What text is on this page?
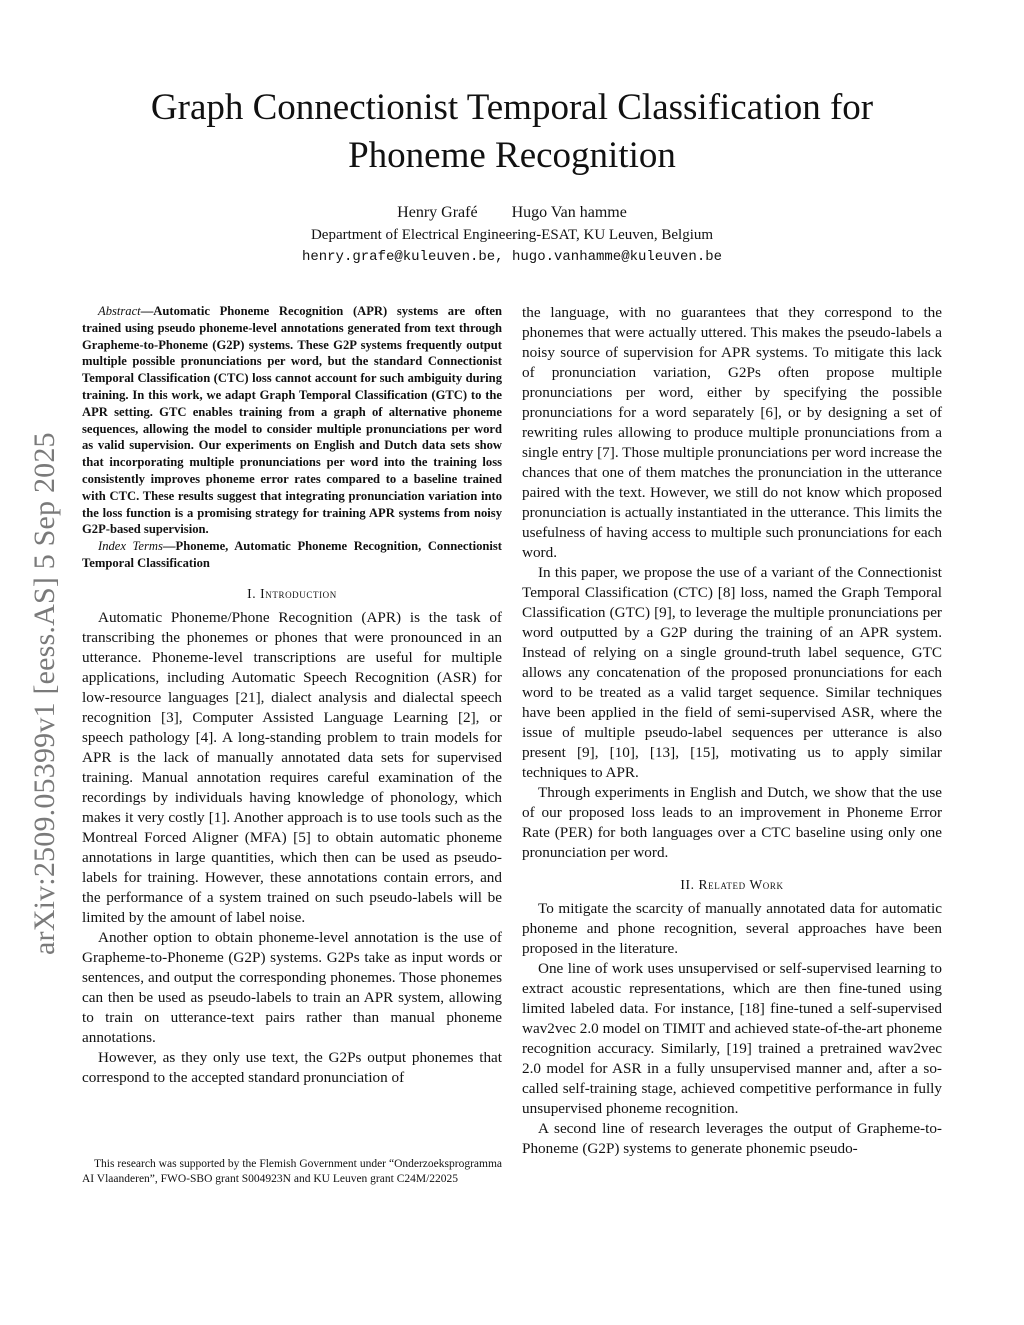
arXiv:2509.05399v1 [eess.AS] 5 Sep 2025
Graph Connectionist Temporal Classification for Phoneme Recognition
Henry Grafé Hugo Van hamme
Department of Electrical Engineering-ESAT, KU Leuven, Belgium
henry.grafe@kuleuven.be, hugo.vanhamme@kuleuven.be

Abstract—Automatic Phoneme Recognition (APR) systems are often trained using pseudo phoneme-level annotations generated from text through Grapheme-to-Phoneme (G2P) systems. These G2P systems frequently output multiple possible pronunciations per word, but the standard Connectionist Temporal Classification (CTC) loss cannot account for such ambiguity during training. In this work, we adapt Graph Temporal Classification (GTC) to the APR setting. GTC enables training from a graph of alternative phoneme sequences, allowing the model to consider multiple pronunciations per word as valid supervision. Our experiments on English and Dutch data sets show that incorporating multiple pronunciations per word into the training loss consistently improves phoneme error rates compared to a baseline trained with CTC. These results suggest that integrating pronunciation variation into the loss function is a promising strategy for training APR systems from noisy G2P-based supervision.

Index Terms—Phoneme, Automatic Phoneme Recognition, Connectionist Temporal Classification

I. Introduction

Automatic Phoneme/Phone Recognition (APR) is the task of transcribing the phonemes or phones that were pronounced in an utterance. Phoneme-level transcriptions are useful for multiple applications, including Automatic Speech Recognition (ASR) for low-resource languages [21], dialect analysis and dialectal speech recognition [3], Computer Assisted Language Learning [2], or speech pathology [4]. A long-standing problem to train models for APR is the lack of manually annotated data sets for supervised training. Manual annotation requires careful examination of the recordings by individuals having knowledge of phonology, which makes it very costly [1]. Another approach is to use tools such as the Montreal Forced Aligner (MFA) [5] to obtain automatic phoneme annotations in large quantities, which then can be used as pseudo-labels for training. However, these annotations contain errors, and the performance of a system trained on such pseudo-labels will be limited by the amount of label noise.

Another option to obtain phoneme-level annotation is the use of Grapheme-to-Phoneme (G2P) systems. G2Ps take as input words or sentences, and output the corresponding phonemes. Those phonemes can then be used as pseudo-labels to train an APR system, allowing to train on utterance-text pairs rather than manual phoneme annotations.

However, as they only use text, the G2Ps output phonemes that correspond to the accepted standard pronunciation of

This research was supported by the Flemish Government under “Onderzoeksprogramma AI Vlaanderen”, FWO-SBO grant S004923N and KU Leuven grant C24M/22025

the language, with no guarantees that they correspond to the phonemes that were actually uttered. This makes the pseudo-labels a noisy source of supervision for APR systems. To mitigate this lack of pronunciation variation, G2Ps often propose multiple pronunciations per word, either by specifying the possible pronunciations for a word separately [6], or by designing a set of rewriting rules allowing to produce multiple pronunciations from a single entry [7]. Those multiple pronunciations per word increase the chances that one of them matches the pronunciation in the utterance paired with the text. However, we still do not know which proposed pronunciation is actually instantiated in the utterance. This limits the usefulness of having access to multiple such pronunciations for each word.

In this paper, we propose the use of a variant of the Connectionist Temporal Classification (CTC) [8] loss, named the Graph Temporal Classification (GTC) [9], to leverage the multiple pronunciations per word outputted by a G2P during the training of an APR system. Instead of relying on a single ground-truth label sequence, GTC allows any concatenation of the proposed pronunciations for each word to be treated as a valid target sequence. Similar techniques have been applied in the field of semi-supervised ASR, where the issue of multiple pseudo-label sequences per utterance is also present [9], [10], [13], [15], motivating us to apply similar techniques to APR.

Through experiments in English and Dutch, we show that the use of our proposed loss leads to an improvement in Phoneme Error Rate (PER) for both languages over a CTC baseline using only one pronunciation per word.

II. Related Work

To mitigate the scarcity of manually annotated data for automatic phoneme and phone recognition, several approaches have been proposed in the literature.

One line of work uses unsupervised or self-supervised learning to extract acoustic representations, which are then fine-tuned using limited labeled data. For instance, [18] fine-tuned a self-supervised wav2vec 2.0 model on TIMIT and achieved state-of-the-art phoneme recognition accuracy. Similarly, [19] trained a pretrained wav2vec 2.0 model for ASR in a fully unsupervised manner and, after a so-called self-training stage, achieved competitive performance in fully unsupervised phoneme recognition.

A second line of research leverages the output of Grapheme-to-Phoneme (G2P) systems to generate phonemic pseudo-
